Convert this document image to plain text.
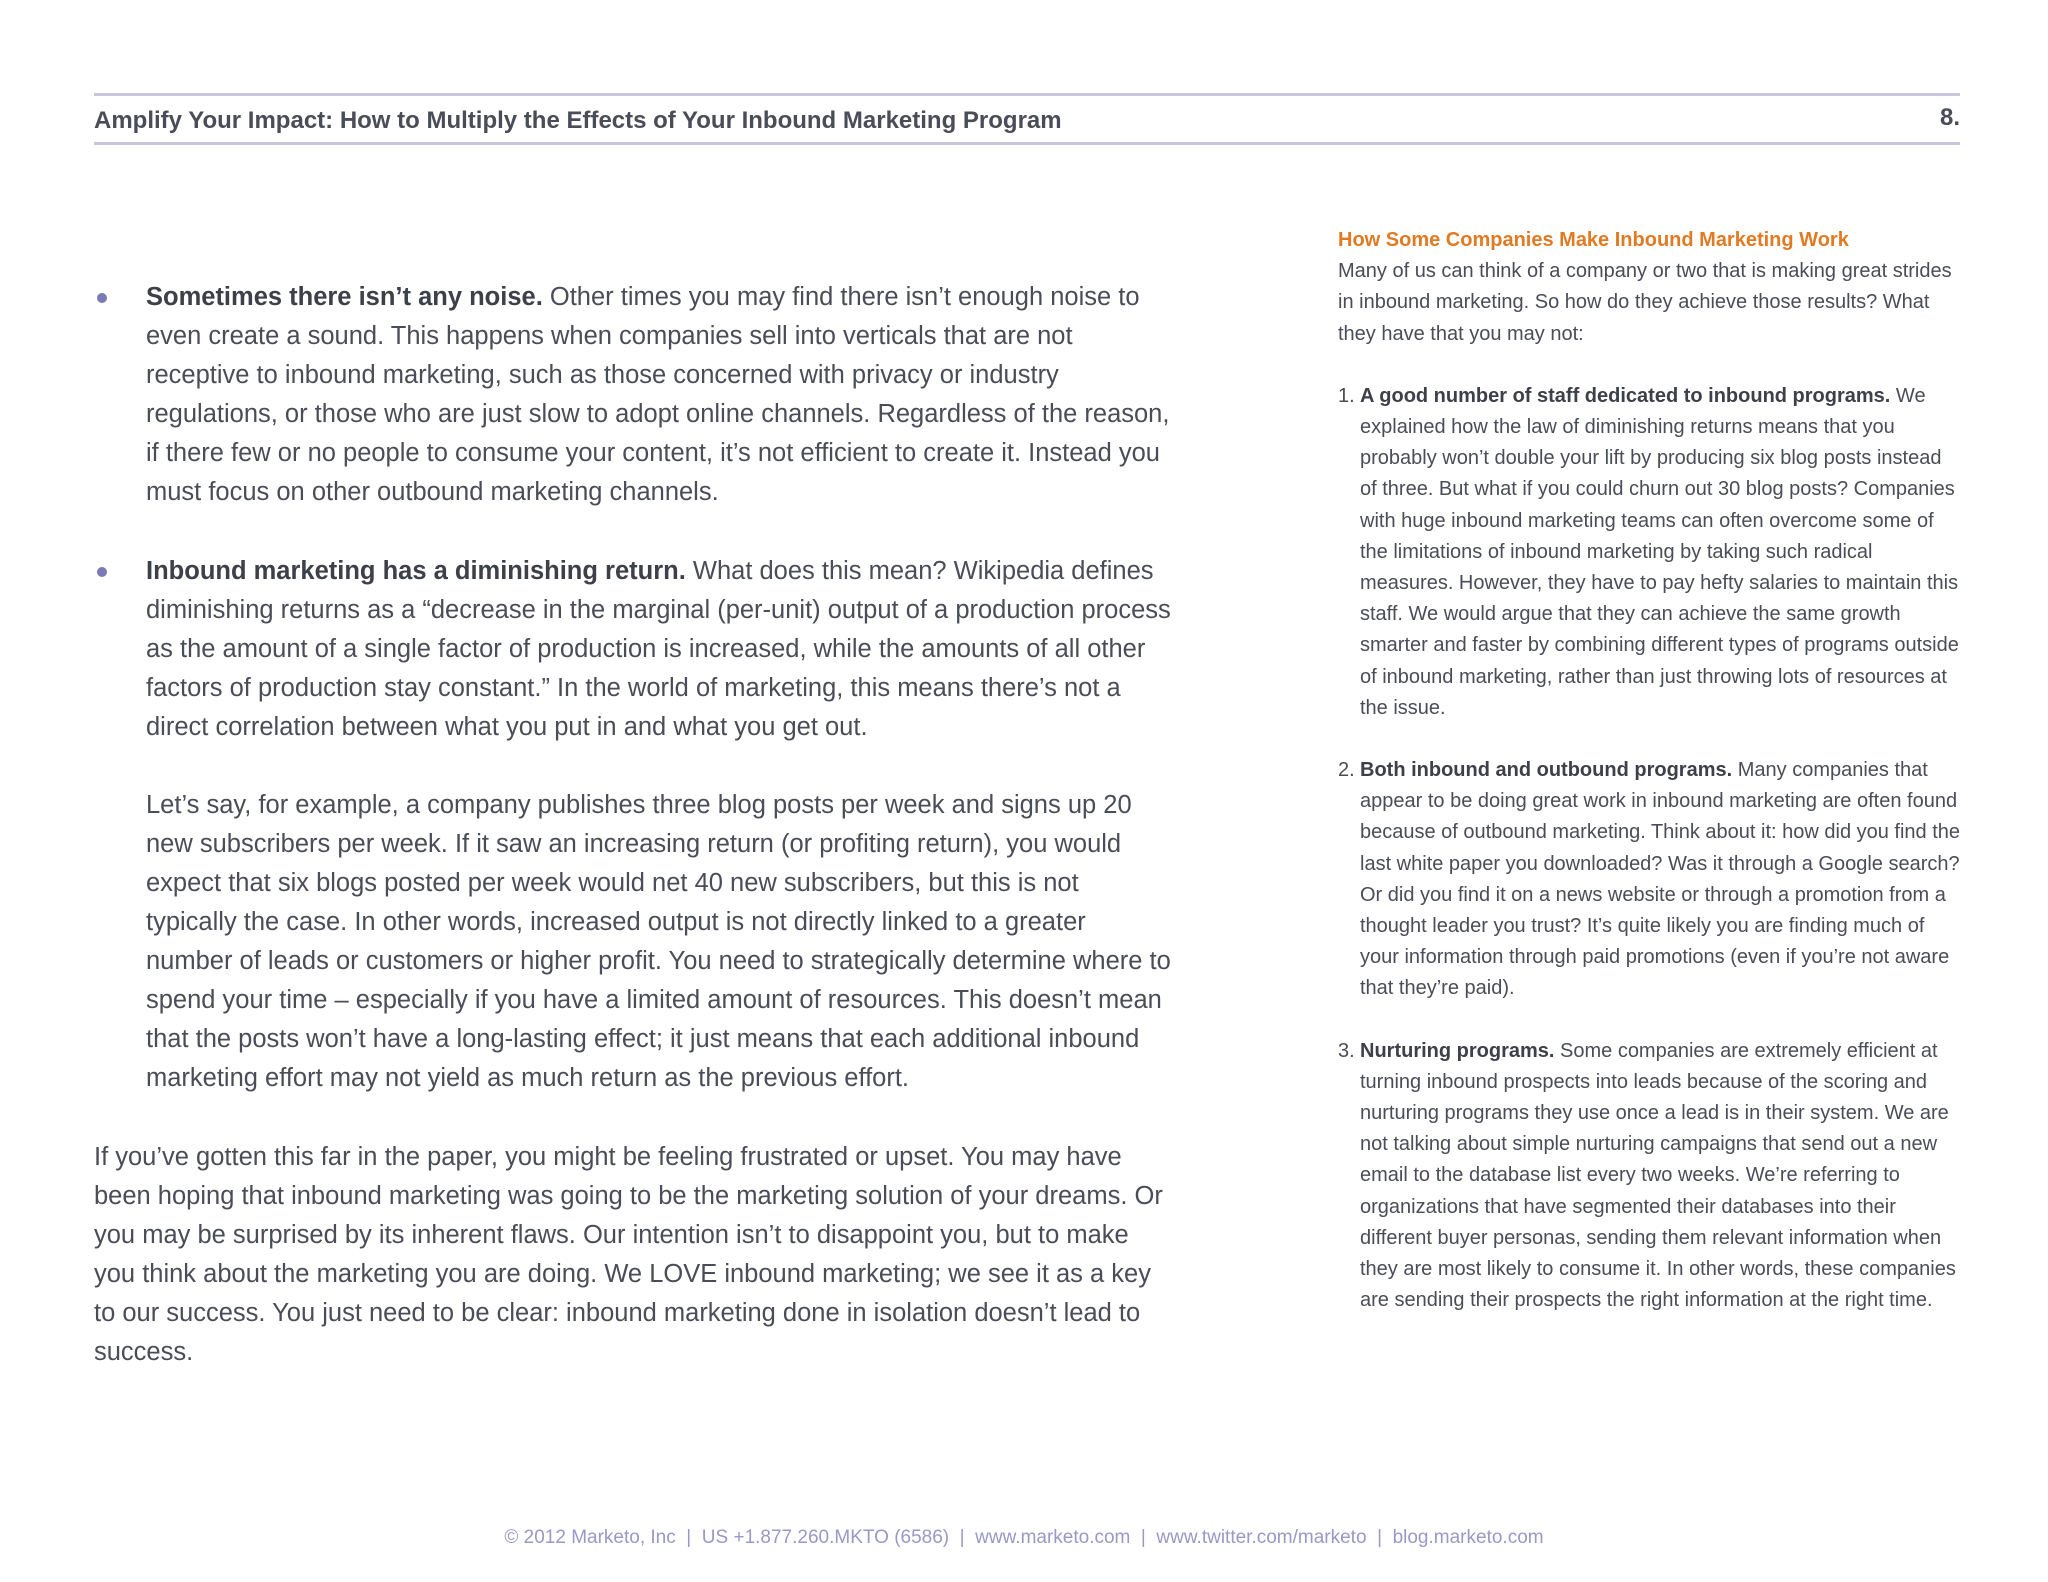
Amplify Your Impact: How to Multiply the Effects of Your Inbound Marketing Program	8.

Sometimes there isn’t any noise. Other times you may find there isn’t enough noise to even create a sound. This happens when companies sell into verticals that are not receptive to inbound marketing, such as those concerned with privacy or industry regulations, or those who are just slow to adopt online channels. Regardless of the reason, if there few or no people to consume your content, it’s not efficient to create it. Instead you must focus on other outbound marketing channels.

Inbound marketing has a diminishing return. What does this mean? Wikipedia defines diminishing returns as a “decrease in the marginal (per-unit) output of a production process as the amount of a single factor of production is increased, while the amounts of all other factors of production stay constant.” In the world of marketing, this means there’s not a direct correlation between what you put in and what you get out.

Let’s say, for example, a company publishes three blog posts per week and signs up 20 new subscribers per week. If it saw an increasing return (or profiting return), you would expect that six blogs posted per week would net 40 new subscribers, but this is not typically the case. In other words, increased output is not directly linked to a greater number of leads or customers or higher profit. You need to strategically determine where to spend your time – especially if you have a limited amount of resources. This doesn’t mean that the posts won’t have a long-lasting effect; it just means that each additional inbound marketing effort may not yield as much return as the previous effort.

If you’ve gotten this far in the paper, you might be feeling frustrated or upset. You may have been hoping that inbound marketing was going to be the marketing solution of your dreams. Or you may be surprised by its inherent flaws. Our intention isn’t to disappoint you, but to make you think about the marketing you are doing. We LOVE inbound marketing; we see it as a key to our success. You just need to be clear: inbound marketing done in isolation doesn’t lead to success.

How Some Companies Make Inbound Marketing Work

Many of us can think of a company or two that is making great strides in inbound marketing. So how do they achieve those results? What they have that you may not:

1. A good number of staff dedicated to inbound programs. We explained how the law of diminishing returns means that you probably won’t double your lift by producing six blog posts instead of three. But what if you could churn out 30 blog posts? Companies with huge inbound marketing teams can often overcome some of the limitations of inbound marketing by taking such radical measures. However, they have to pay hefty salaries to maintain this staff. We would argue that they can achieve the same growth smarter and faster by combining different types of programs outside of inbound marketing, rather than just throwing lots of resources at the issue.
2. Both inbound and outbound programs. Many companies that appear to be doing great work in inbound marketing are often found because of outbound marketing. Think about it: how did you find the last white paper you downloaded? Was it through a Google search? Or did you find it on a news website or through a promotion from a thought leader you trust? It’s quite likely you are finding much of your information through paid promotions (even if you’re not aware that they’re paid).
3. Nurturing programs. Some companies are extremely efficient at turning inbound prospects into leads because of the scoring and nurturing programs they use once a lead is in their system. We are not talking about simple nurturing campaigns that send out a new email to the database list every two weeks. We’re referring to organizations that have segmented their databases into their different buyer personas, sending them relevant information when they are most likely to consume it. In other words, these companies are sending their prospects the right information at the right time.
© 2012 Marketo, Inc  |  US +1.877.260.MKTO (6586)  |  www.marketo.com  |  www.twitter.com/marketo  |  blog.marketo.com
